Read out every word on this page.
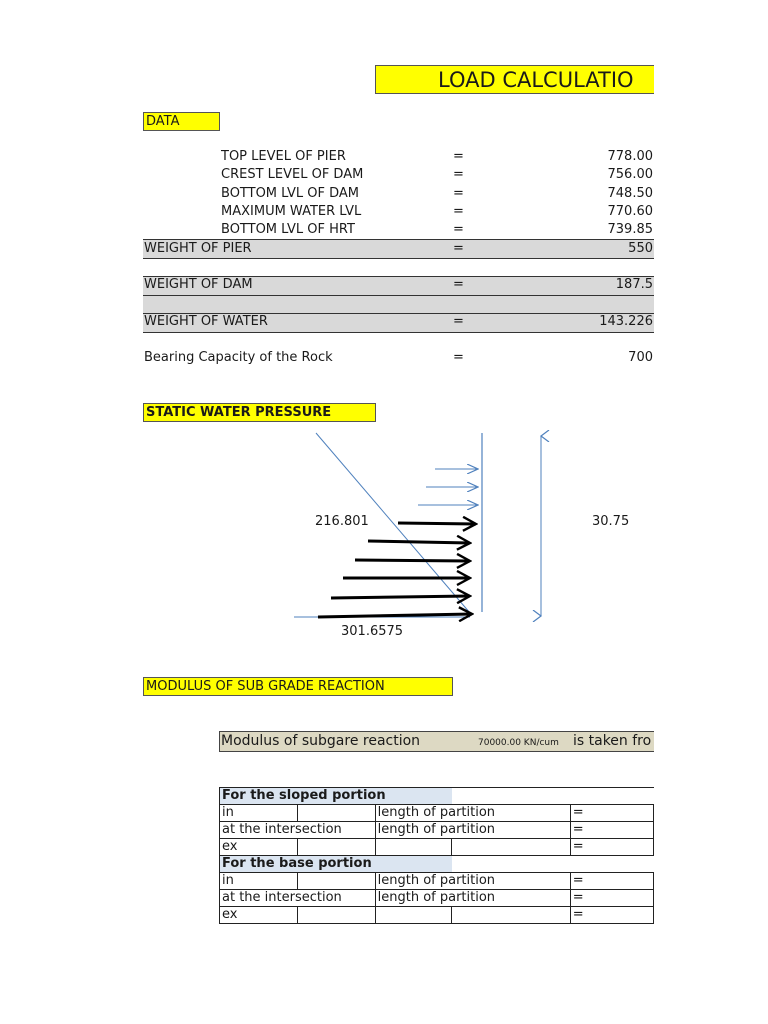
LOAD CALCULATIO
DATA
TOP LEVEL OF PIER	=	778.00
CREST LEVEL OF DAM	=	756.00
BOTTOM LVL OF DAM	=	748.50
MAXIMUM WATER LVL	=	770.60
BOTTOM LVL OF HRT	=	739.85
WEIGHT OF PIER	=	550
WEIGHT OF DAM	=	187.5
WEIGHT OF WATER	=	143.226
Bearing Capacity of the Rock	=	700
STATIC WATER PRESSURE
216.801
301.6575
30.75
MODULUS OF SUB GRADE REACTION
Modulus of subgare reaction	70000.00 KN/cum is taken fro
For the sloped portion				
in		length of partition		=
at the intersection		length of partition		=
ex				=
For the base portion				
in		length of partition		=
at the intersection		length of partition		=
ex				=
